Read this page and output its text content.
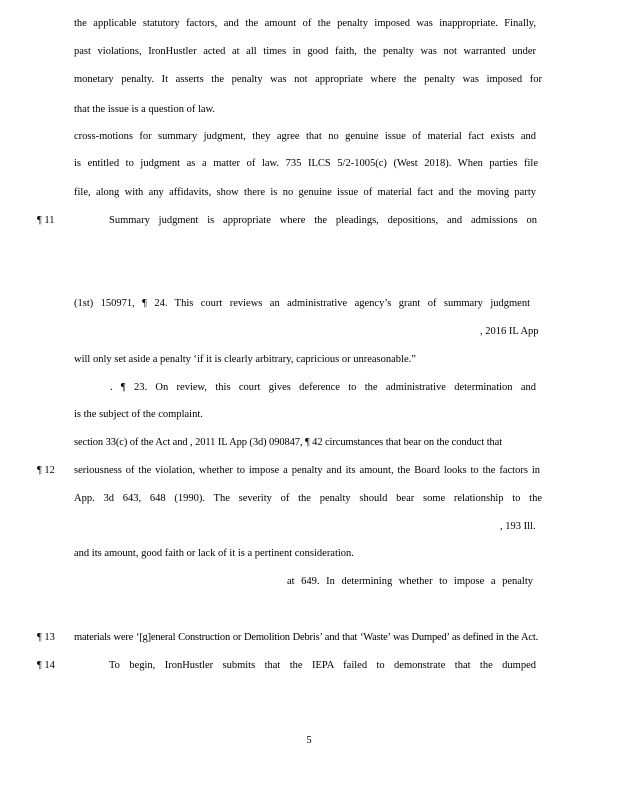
¶ 11
¶ 12
¶ 13
¶ 14
the applicable statutory factors, and the amount of the penalty imposed was inappropriate. Finally,
past violations, IronHustler acted at all times in good faith, the penalty was not warranted under
monetary penalty. It asserts the penalty was not appropriate where the penalty was imposed for
that the issue is a question of law.
cross-motions for summary judgment, they agree that no genuine issue of material fact exists and
is entitled to judgment as a matter of law. 735 ILCS 5/2-1005(c) (West 2018). When parties file
file, along with any affidavits, show there is no genuine issue of material fact and the moving party
Summary judgment is appropriate where the pleadings, depositions, and admissions on
(1st) 150971, ¶ 24. This court reviews an administrative agency’s grant of summary judgment
, 2016 IL App
will only set aside a penalty ‘if it is clearly arbitrary, capricious or unreasonable.”
. ¶ 23. On review, this court gives deference to the administrative determination and
is the subject of the complaint.
section 33(c) of the Act and , 2011 IL App (3d) 090847, ¶ 42 circumstances that bear on the conduct that
seriousness of the violation, whether to impose a penalty and its amount, the Board looks to the factors in
App. 3d 643, 648 (1990). The severity of the penalty should bear some relationship to the
, 193 Ill.
and its amount, good faith or lack of it is a pertinent consideration.
at 649. In determining whether to impose a penalty
materials were ‘[g]eneral Construction or Demolition Debris’ and that ‘Waste’ was Dumped’ as defined in the Act.
To begin, IronHustler submits that the IEPA failed to demonstrate that the dumped
5
